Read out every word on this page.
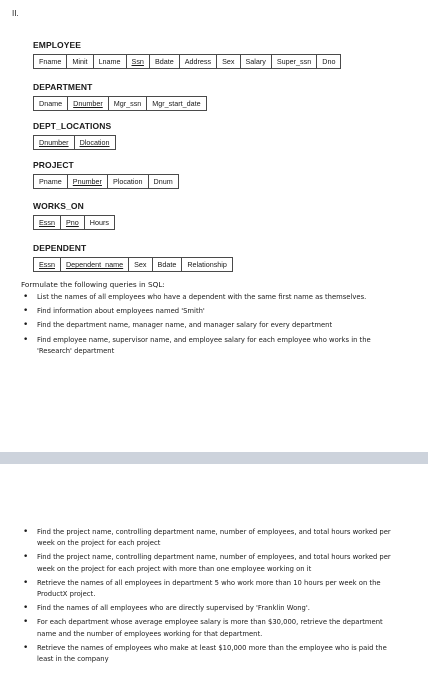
II.
EMPLOYEE
Fname	Minit	Lname	Ssn	Bdate	Address	Sex	Salary	Super_ssn	Dno
DEPARTMENT
Dname	Dnumber	Mgr_ssn	Mgr_start_date
DEPT_LOCATIONS
Dnumber	Dlocation
PROJECT
Pname	Pnumber	Plocation	Dnum
WORKS_ON
Essn	Pno	Hours
DEPENDENT
Essn	Dependent_name	Sex	Bdate	Relationship
Formulate the following queries in SQL:
• List the names of all employees who have a dependent with the same first name as themselves.
• Find information about employees named 'Smith'
• Find the department name, manager name, and manager salary for every department
• Find employee name, supervisor name, and employee salary for each employee who works in the 'Research' department
• Find the project name, controlling department name, number of employees, and total hours worked per week on the project for each project
• Find the project name, controlling department name, number of employees, and total hours worked per week on the project for each project with more than one employee working on it
• Retrieve the names of all employees in department 5 who work more than 10 hours per week on the ProductX project.
• Find the names of all employees who are directly supervised by 'Franklin Wong'.
• For each department whose average employee salary is more than $30,000, retrieve the department name and the number of employees working for that department.
• Retrieve the names of employees who make at least $10,000 more than the employee who is paid the least in the company
